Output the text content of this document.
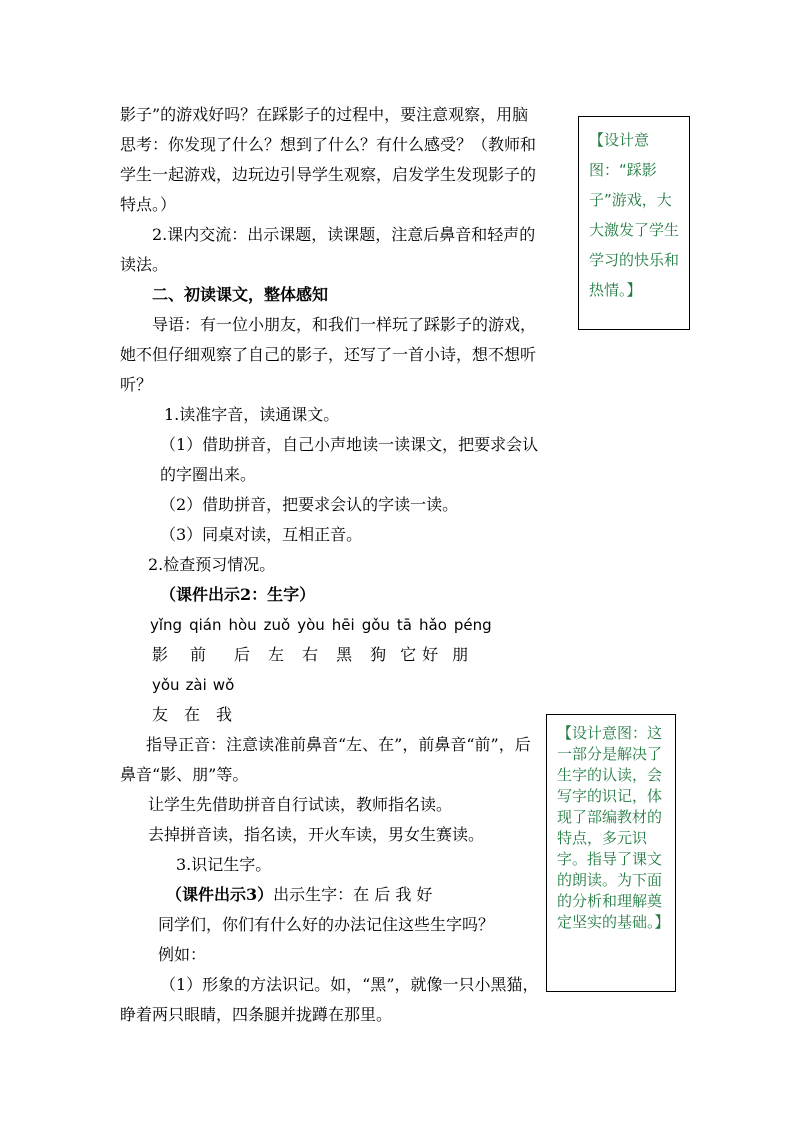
影子”的游戏好吗？在踩影子的过程中，要注意观察，用脑思考：你发现了什么？想到了什么？有什么感受？（教师和学生一起游戏，边玩边引导学生观察，启发学生发现影子的特点。）

2.课内交流：出示课题，读课题，注意后鼻音和轻声的读法。

二、初读课文，整体感知

导语：有一位小朋友，和我们一样玩了踩影子的游戏，她不但仔细观察了自己的影子，还写了一首小诗，想不想听听？

1.读准字音，读通课文。

（1）借助拼音，自己小声地读一读课文，把要求会认的字圈出来。

（2）借助拼音，把要求会认的字读一读。

（3）同桌对读，互相正音。

2.检查预习情况。

（课件出示2：生字）

yǐng qián hòu zuǒ yòu hēi gǒu tā hǎo péng
影 前 后 左 右 黑 狗 它 好 朋
yǒu zài wǒ
友 在 我

指导正音：注意读准前鼻音“左、在”，前鼻音“前”，后鼻音“影、朋”等。

让学生先借助拼音自行试读，教师指名读。

去掉拼音读，指名读，开火车读，男女生赛读。

3.识记生字。

（课件出示3）出示生字：在 后 我 好

同学们，你们有什么好的办法记住这些生字吗？

例如：

（1）形象的方法识记。如，“黑”，就像一只小黑猫，睁着两只眼睛，四条腿并拢蹲在那里。

【设计意图：“踩影子”游戏，大大激发了学生学习的快乐和热情。】
【设计意图：这一部分是解决了生字的认读，会写字的识记，体现了部编教材的特点，多元识字。指导了课文的朗读。为下面的分析和理解奠定坚实的基础。】
